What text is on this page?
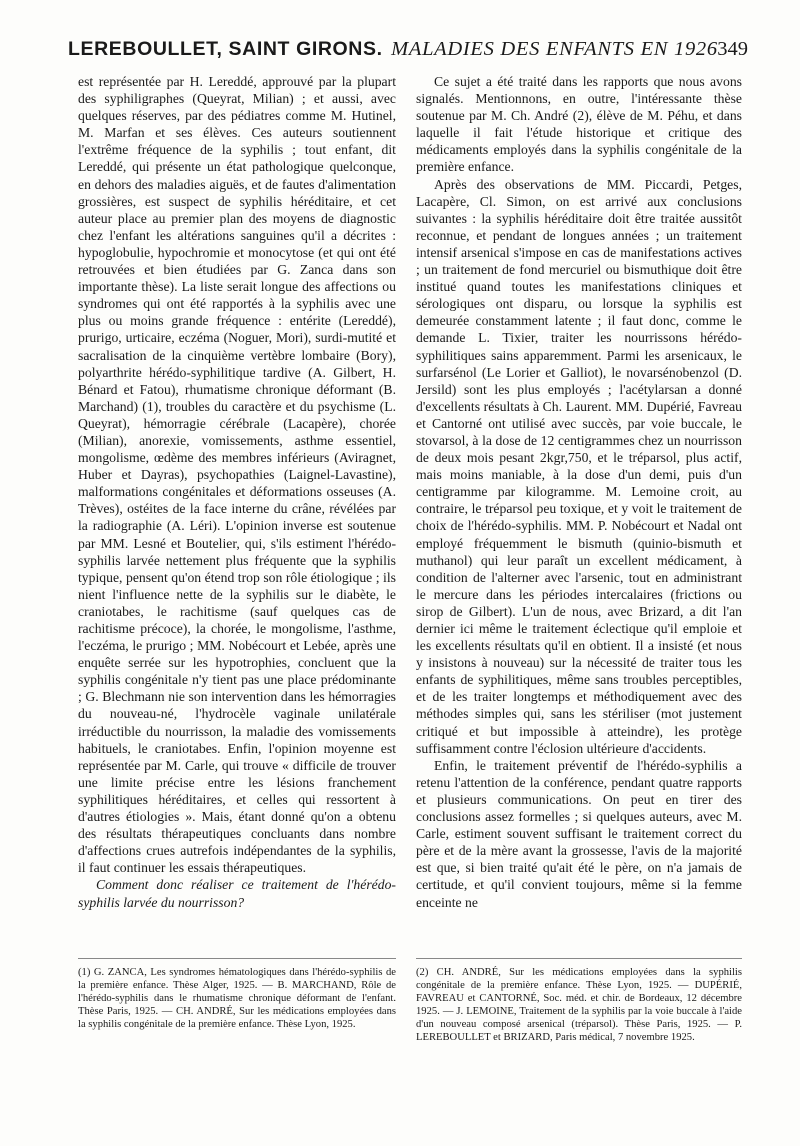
LEREBOULLET, SAINT GIRONS. MALADIES DES ENFANTS EN 1926 349

est représentée par H. Lereddé, approuvé par la plupart des syphiligraphes (Queyrat, Milian) ; et aussi, avec quelques réserves, par des pédiatres comme M. Hutinel, M. Marfan et ses élèves. Ces auteurs soutiennent l'extrême fréquence de la syphilis ; tout enfant, dit Lereddé, qui présente un état pathologique quelconque, en dehors des maladies aiguës, et de fautes d'alimentation grossières, est suspect de syphilis héréditaire, et cet auteur place au premier plan des moyens de diagnostic chez l'enfant les altérations sanguines qu'il a décrites : hypoglobulie, hypochromie et monocytose (et qui ont été retrouvées et bien étudiées par G. Zanca dans son importante thèse). La liste serait longue des affections ou syndromes qui ont été rapportés à la syphilis avec une plus ou moins grande fréquence : entérite (Lereddé), prurigo, urticaire, eczéma (Noguer, Mori), surdi-mutité et sacralisation de la cinquième vertèbre lombaire (Bory), polyarthrite hérédo-syphilitique tardive (A. Gilbert, H. Bénard et Fatou), rhumatisme chronique déformant (B. Marchand) (1), troubles du caractère et du psychisme (L. Queyrat), hémorragie cérébrale (Lacapère), chorée (Milian), anorexie, vomissements, asthme essentiel, mongolisme, œdème des membres inférieurs (Aviragnet, Huber et Dayras), psychopathies (Laignel-Lavastine), malformations congénitales et déformations osseuses (A. Trèves), ostéites de la face interne du crâne, révélées par la radiographie (A. Léri). L'opinion inverse est soutenue par MM. Lesné et Boutelier, qui, s'ils estiment l'hérédo-syphilis larvée nettement plus fréquente que la syphilis typique, pensent qu'on étend trop son rôle étiologique ; ils nient l'influence nette de la syphilis sur le diabète, le craniotabes, le rachitisme (sauf quelques cas de rachitisme précoce), la chorée, le mongolisme, l'asthme, l'eczéma, le prurigo ; MM. Nobécourt et Lebée, après une enquête serrée sur les hypotrophies, concluent que la syphilis congénitale n'y tient pas une place prédominante ; G. Blechmann nie son intervention dans les hémorragies du nouveau-né, l'hydrocèle vaginale unilatérale irréductible du nourrisson, la maladie des vomissements habituels, le craniotabes. Enfin, l'opinion moyenne est représentée par M. Carle, qui trouve « difficile de trouver une limite précise entre les lésions franchement syphilitiques héréditaires, et celles qui ressortent à d'autres étiologies ». Mais, étant donné qu'on a obtenu des résultats thérapeutiques concluants dans nombre d'affections crues autrefois indépendantes de la syphilis, il faut continuer les essais thérapeutiques.

Comment donc réaliser ce traitement de l'hérédo-syphilis larvée du nourrisson?

Ce sujet a été traité dans les rapports que nous avons signalés. Mentionnons, en outre, l'intéressante thèse soutenue par M. Ch. André (2), élève de M. Péhu, et dans laquelle il fait l'étude historique et critique des médicaments employés dans la syphilis congénitale de la première enfance.

Après des observations de MM. Piccardi, Petges, Lacapère, Cl. Simon, on est arrivé aux conclusions suivantes : la syphilis héréditaire doit être traitée aussitôt reconnue, et pendant de longues années ; un traitement intensif arsenical s'impose en cas de manifestations actives ; un traitement de fond mercuriel ou bismuthique doit être institué quand toutes les manifestations cliniques et sérologiques ont disparu, ou lorsque la syphilis est demeurée constamment latente ; il faut donc, comme le demande L. Tixier, traiter les nourrissons hérédo-syphilitiques sains apparemment. Parmi les arsenicaux, le surfarsénol (Le Lorier et Galliot), le novarsénobenzol (D. Jersild) sont les plus employés ; l'acétylarsan a donné d'excellents résultats à Ch. Laurent. MM. Dupérié, Favreau et Cantorné ont utilisé avec succès, par voie buccale, le stovarsol, à la dose de 12 centigrammes chez un nourrisson de deux mois pesant 2kgr,750, et le tréparsol, plus actif, mais moins maniable, à la dose d'un demi, puis d'un centigramme par kilogramme. M. Lemoine croit, au contraire, le tréparsol peu toxique, et y voit le traitement de choix de l'hérédo-syphilis. MM. P. Nobécourt et Nadal ont employé fréquemment le bismuth (quinio-bismuth et muthanol) qui leur paraît un excellent médicament, à condition de l'alterner avec l'arsenic, tout en administrant le mercure dans les périodes intercalaires (frictions ou sirop de Gilbert). L'un de nous, avec Brizard, a dit l'an dernier ici même le traitement éclectique qu'il emploie et les excellents résultats qu'il en obtient. Il a insisté (et nous y insistons à nouveau) sur la nécessité de traiter tous les enfants de syphilitiques, même sans troubles perceptibles, et de les traiter longtemps et méthodiquement avec des méthodes simples qui, sans les stériliser (mot justement critiqué et but impossible à atteindre), les protège suffisamment contre l'éclosion ultérieure d'accidents.

Enfin, le traitement préventif de l'hérédo-syphilis a retenu l'attention de la conférence, pendant quatre rapports et plusieurs communications. On peut en tirer des conclusions assez formelles ; si quelques auteurs, avec M. Carle, estiment souvent suffisant le traitement correct du père et de la mère avant la grossesse, l'avis de la majorité est que, si bien traité qu'ait été le père, on n'a jamais de certitude, et qu'il convient toujours, même si la femme enceinte ne

(1) G. ZANCA, Les syndromes hématologiques dans l'hérédo-syphilis de la première enfance. Thèse Alger, 1925. — B. MARCHAND, Rôle de l'hérédo-syphilis dans le rhumatisme chronique déformant de l'enfant. Thèse Paris, 1925. — CH. ANDRÉ, Sur les médications employées dans la syphilis congénitale de la première enfance. Thèse Lyon, 1925.
(2) CH. ANDRÉ, Sur les médications employées dans la syphilis congénitale de la première enfance. Thèse Lyon, 1925. — DUPÉRIÉ, FAVREAU et CANTORNÉ, Soc. méd. et chir. de Bordeaux, 12 décembre 1925. — J. LEMOINE, Traitement de la syphilis par la voie buccale à l'aide d'un nouveau composé arsenical (tréparsol). Thèse Paris, 1925. — P. LEREBOULLET et BRIZARD, Paris médical, 7 novembre 1925.
